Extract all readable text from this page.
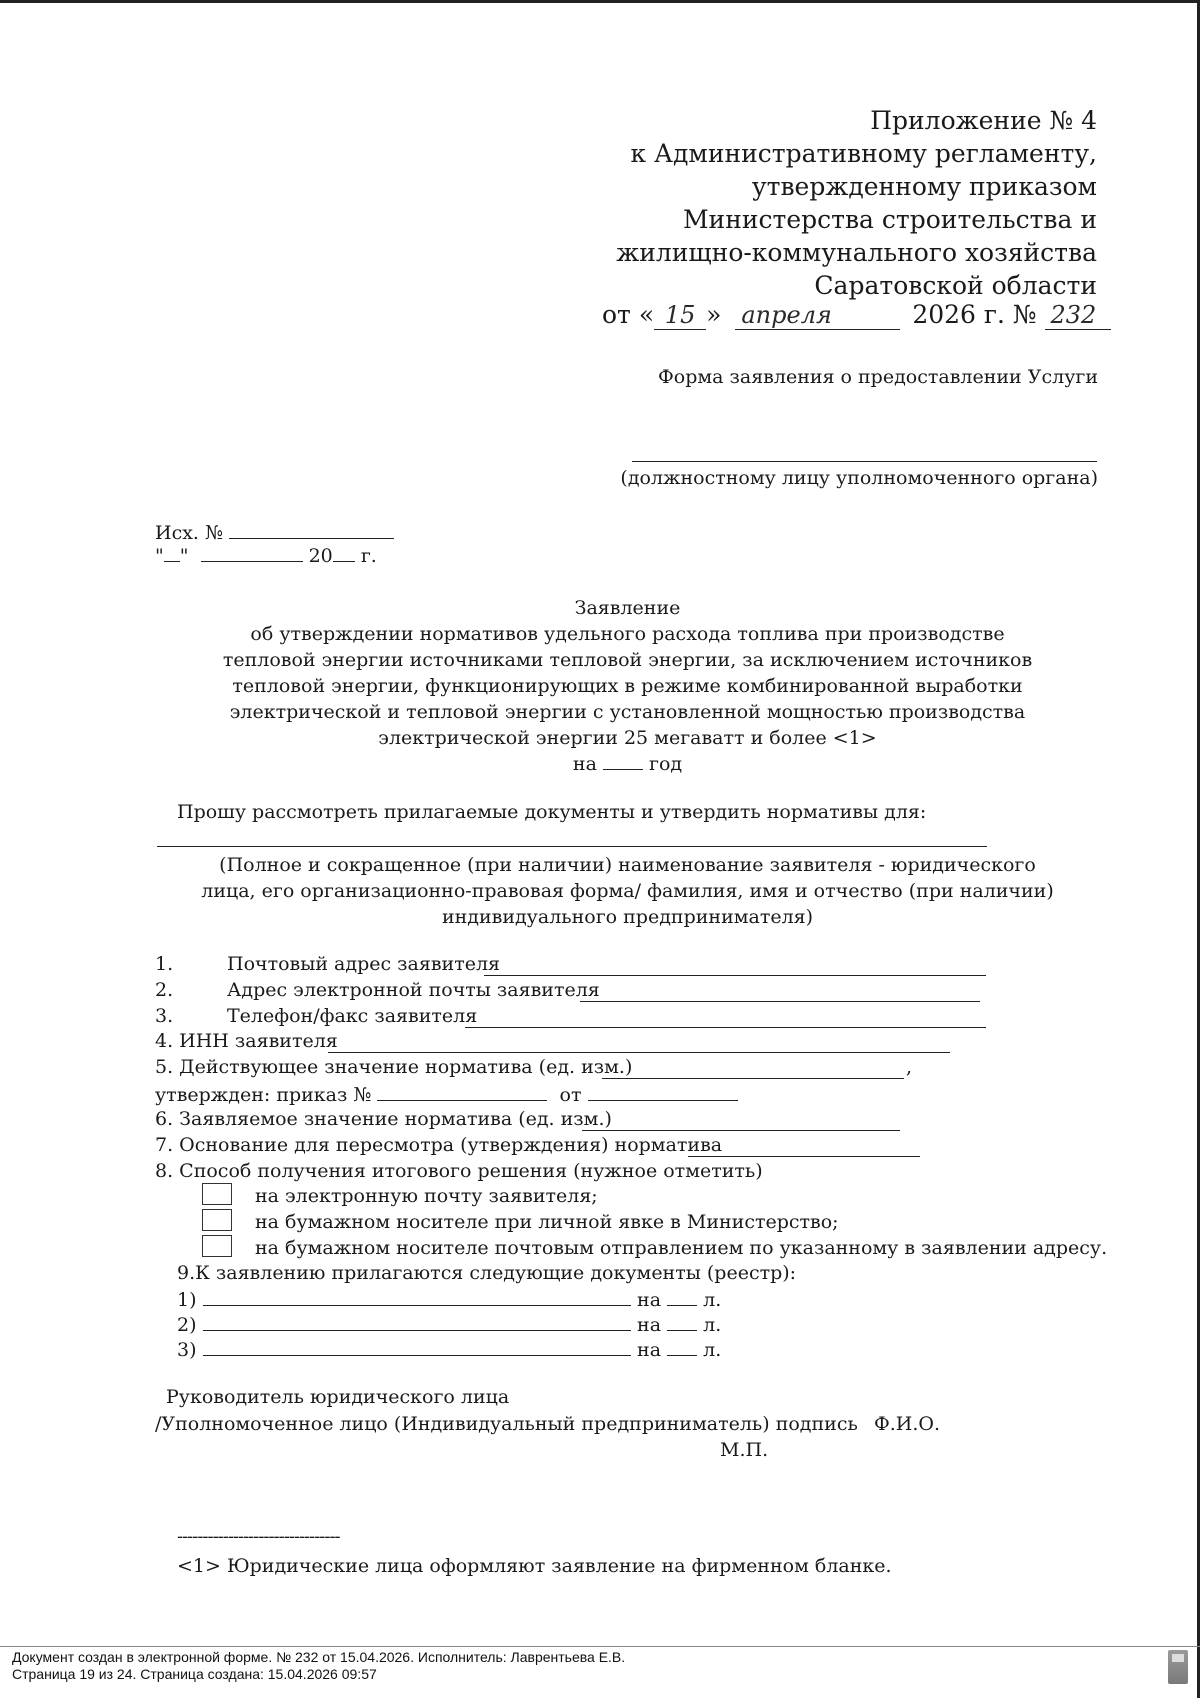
Приложение № 4
к Административному регламенту,
утвержденному приказом
Министерства строительства и
жилищно-коммунального хозяйства
Саратовской области
от « 15 » апреля	2026 г. № 232
Форма заявления о предоставлении Услуги
(должностному лицу уполномоченного органа)
Исх. №
" "	20 г.
Заявление
об утверждении нормативов удельного расхода топлива при производстве
тепловой энергии источниками тепловой энергии, за исключением источников
тепловой энергии, функционирующих в режиме комбинированной выработки
электрической и тепловой энергии с установленной мощностью производства
электрической энергии 25 мегаватт и более <1>
на	год
Прошу рассмотреть прилагаемые документы и утвердить нормативы для:
(Полное и сокращенное (при наличии) наименование заявителя - юридического
лица, его организационно-правовая форма/ фамилия, имя и отчество (при наличии)
индивидуального предпринимателя)
1.	Почтовый адрес заявителя
2.	Адрес электронной почты заявителя
3.	Телефон/факс заявителя
4. ИНН заявителя
5. Действующее значение норматива (ед. изм.)	,
утвержден: приказ №	от
6. Заявляемое значение норматива (ед. изм.)
7. Основание для пересмотра (утверждения) норматива
8. Способ получения итогового решения (нужное отметить)
на электронную почту заявителя;
на бумажном носителе при личной явке в Министерство;
на бумажном носителе почтовым отправлением по указанному в заявлении адресу.
9.К заявлению прилагаются следующие документы (реестр):
1)	на л.
2)	на л.
3)	на л.
Руководитель юридического лица
/Уполномоченное лицо (Индивидуальный предприниматель) подпись Ф.И.О.
М.П.
--------------------------------
<1> Юридические лица оформляют заявление на фирменном бланке.
Документ создан в электронной форме. № 232 от 15.04.2026. Исполнитель: Лаврентьева Е.В.
Страница 19 из 24. Страница создана: 15.04.2026 09:57
